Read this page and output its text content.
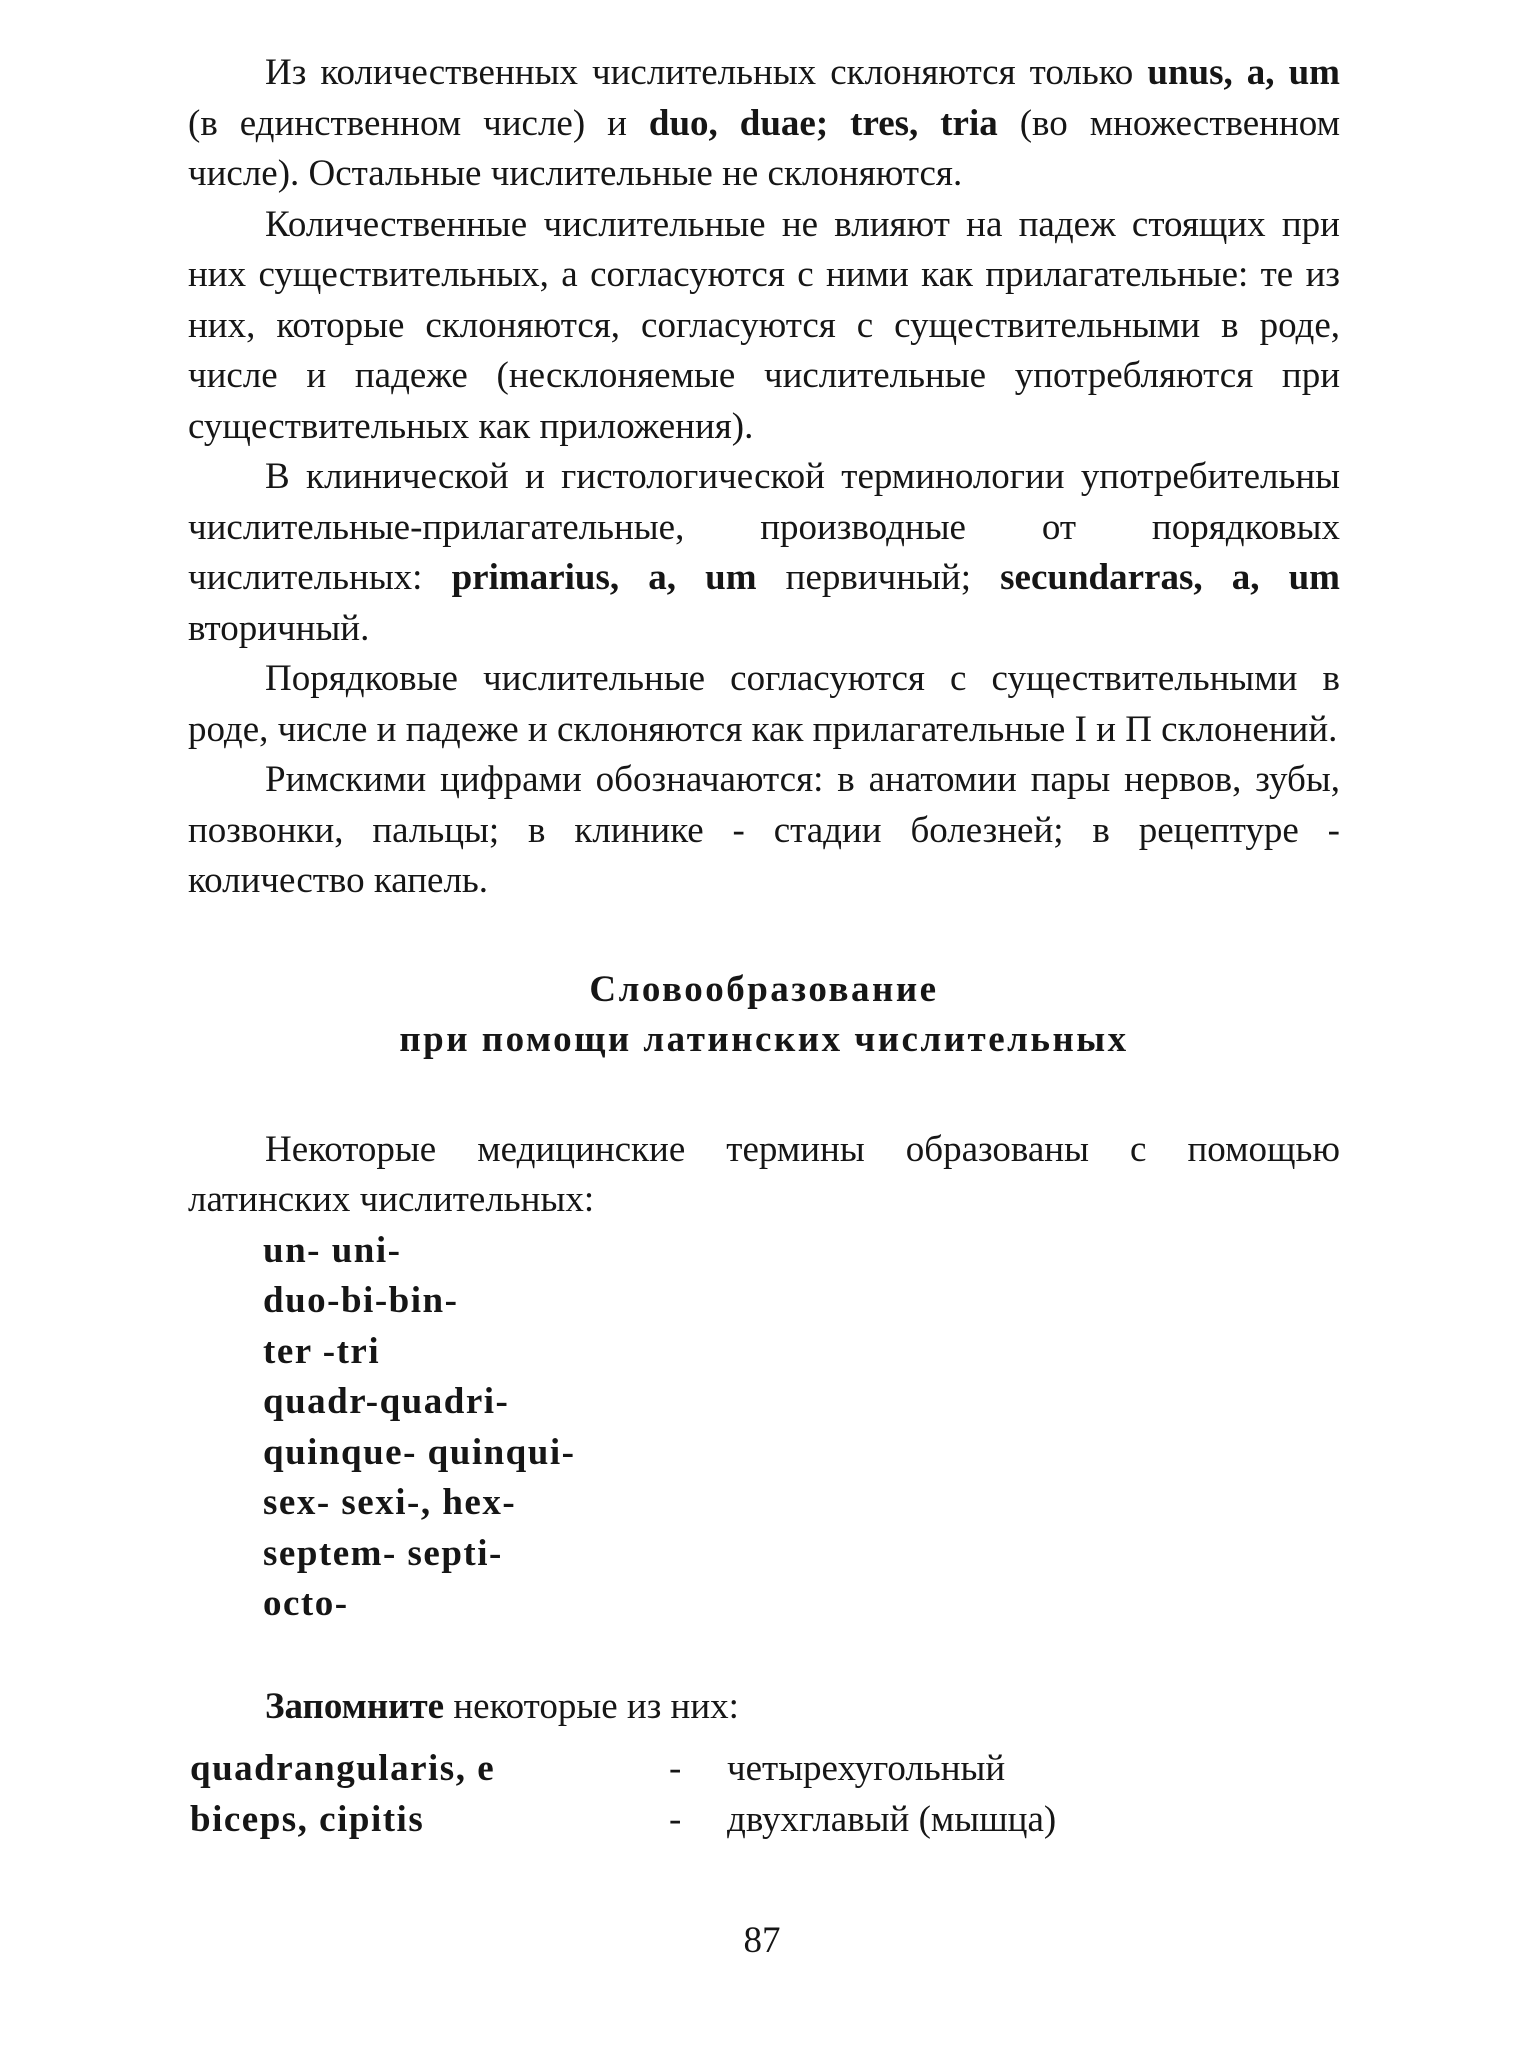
Из количественных числительных склоняются только unus, a, um (в единственном числе) и duo, duae; tres, tria (во множественном числе). Остальные числительные не склоняются.

Количественные числительные не влияют на падеж стоящих при них существительных, а согласуются с ними как прилагательные: те из них, которые склоняются, согласуются с существительными в роде, числе и падеже (несклоняемые числительные употребляются при существительных как приложения).

В клинической и гистологической терминологии употребительны числительные-прилагательные, производные от порядковых числительных: primarius, a, um первичный; secundarras, a, um вторичный.

Порядковые числительные согласуются с существительными в роде, числе и падеже и склоняются как прилагательные I и П склонений.

Римскими цифрами обозначаются: в анатомии пары нервов, зубы, позвонки, пальцы; в клинике - стадии болезней; в рецептуре - количество капель.

Словообразование
при помощи латинских числительных

Некоторые медицинские термины образованы с помощью латинских числительных:

un- uni-
duo-bi-bin-
ter -tri
quadr-quadri-
quinque- quinqui-
sex- sexi-, hex-
septem- septi-
octo-

Запомните некоторые из них:

quadrangularis, e	- четырехугольный
biceps, cipitis	- двухглавый (мышца)
87
